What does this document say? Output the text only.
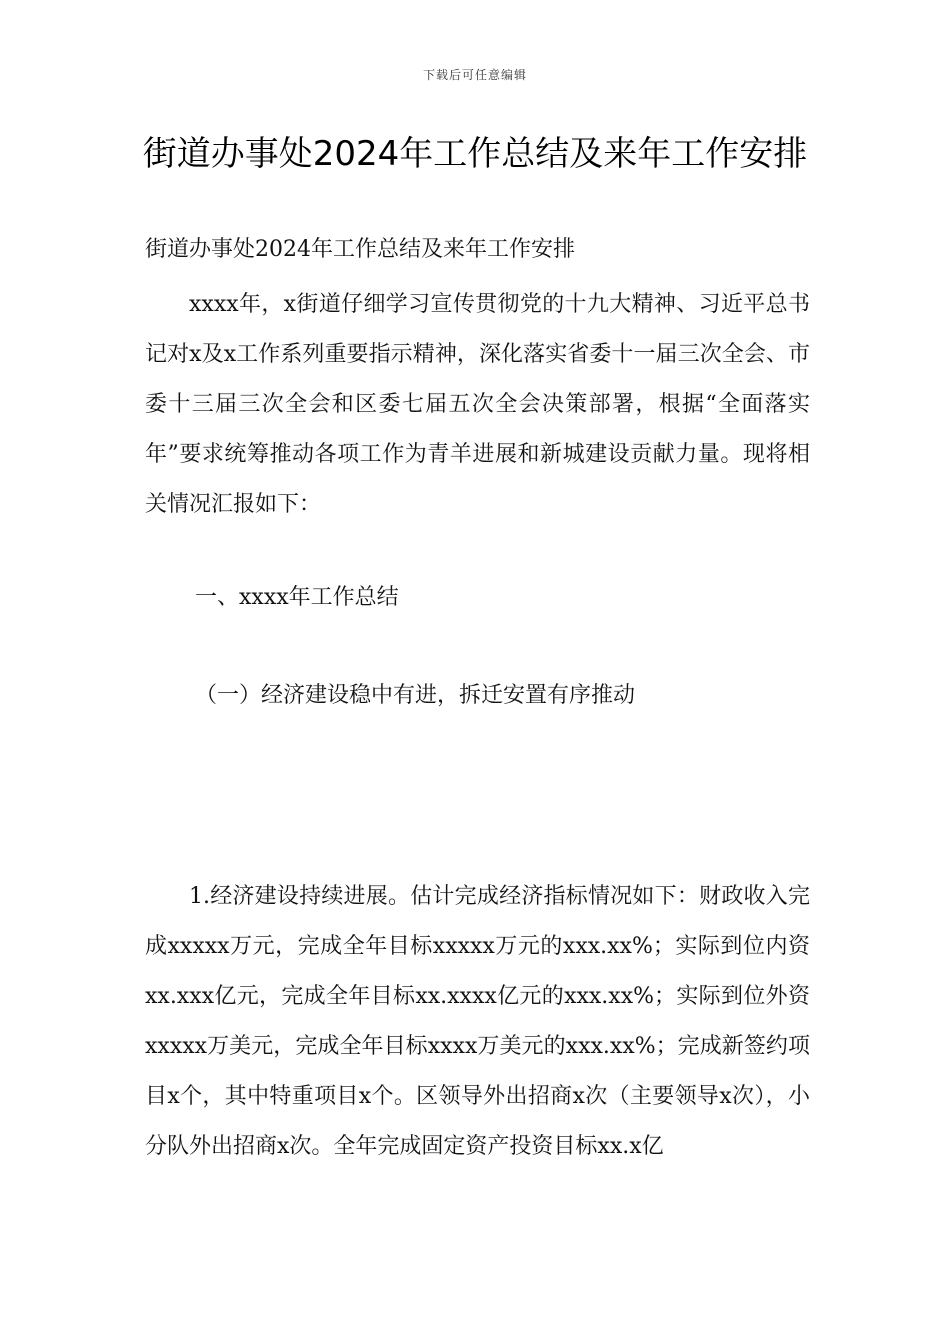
下载后可任意编辑
街道办事处2024年工作总结及来年工作安排
街道办事处2024年工作总结及来年工作安排
xxxx年，x街道仔细学习宣传贯彻党的十九大精神、习近平总书记对x及x工作系列重要指示精神，深化落实省委十一届三次全会、市委十三届三次全会和区委七届五次全会决策部署，根据“全面落实年”要求统筹推动各项工作为青羊进展和新城建设贡献力量。现将相关情况汇报如下：
一、xxxx年工作总结
（一）经济建设稳中有进，拆迁安置有序推动
1.经济建设持续进展。估计完成经济指标情况如下：财政收入完成xxxxx万元，完成全年目标xxxxx万元的xxx.xx%；实际到位内资xx.xxx亿元，完成全年目标xx.xxxx亿元的xxx.xx%；实际到位外资xxxxx万美元，完成全年目标xxxx万美元的xxx.xx%；完成新签约项目x个，其中特重项目x个。区领导外出招商x次（主要领导x次），小分队外出招商x次。全年完成固定资产投资目标xx.x亿
